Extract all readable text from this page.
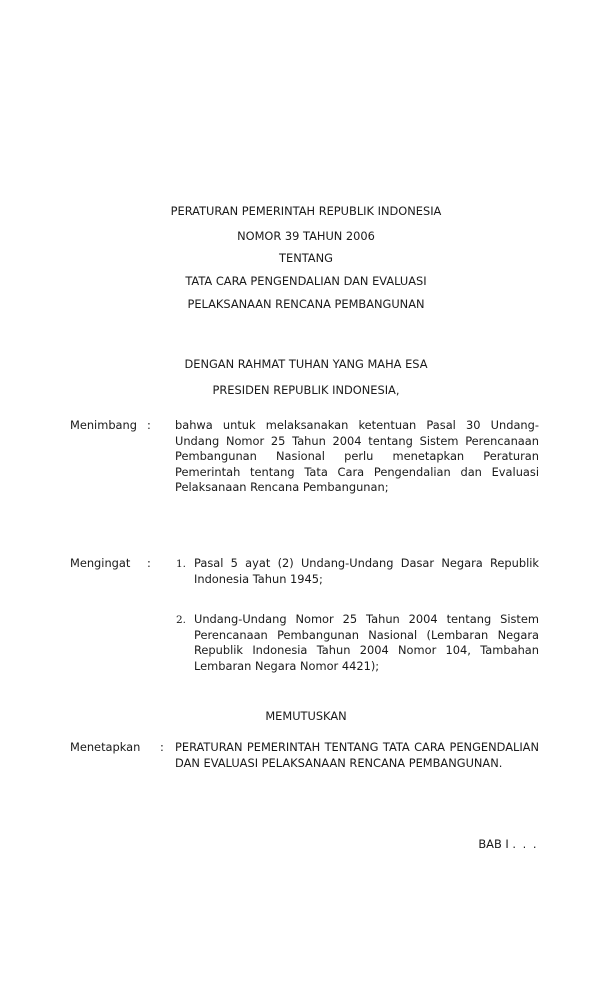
PERATURAN PEMERINTAH REPUBLIK INDONESIA
NOMOR 39 TAHUN 2006
TENTANG
TATA CARA PENGENDALIAN DAN EVALUASI
PELAKSANAAN RENCANA PEMBANGUNAN
DENGAN RAHMAT TUHAN YANG MAHA ESA
PRESIDEN REPUBLIK INDONESIA,
Menimbang : bahwa untuk melaksanakan ketentuan Pasal 30 Undang-Undang Nomor 25 Tahun 2004 tentang Sistem Perencanaan Pembangunan Nasional perlu menetapkan Peraturan Pemerintah tentang Tata Cara Pengendalian dan Evaluasi Pelaksanaan Rencana Pembangunan;
Mengingat : 1. Pasal 5 ayat (2) Undang-Undang Dasar Negara Republik Indonesia Tahun 1945;
2. Undang-Undang Nomor 25 Tahun 2004 tentang Sistem Perencanaan Pembangunan Nasional (Lembaran Negara Republik Indonesia Tahun 2004 Nomor 104, Tambahan Lembaran Negara Nomor 4421);
MEMUTUSKAN
Menetapkan : PERATURAN PEMERINTAH TENTANG TATA CARA PENGENDALIAN DAN EVALUASI PELAKSANAAN RENCANA PEMBANGUNAN.
BAB I . . .
